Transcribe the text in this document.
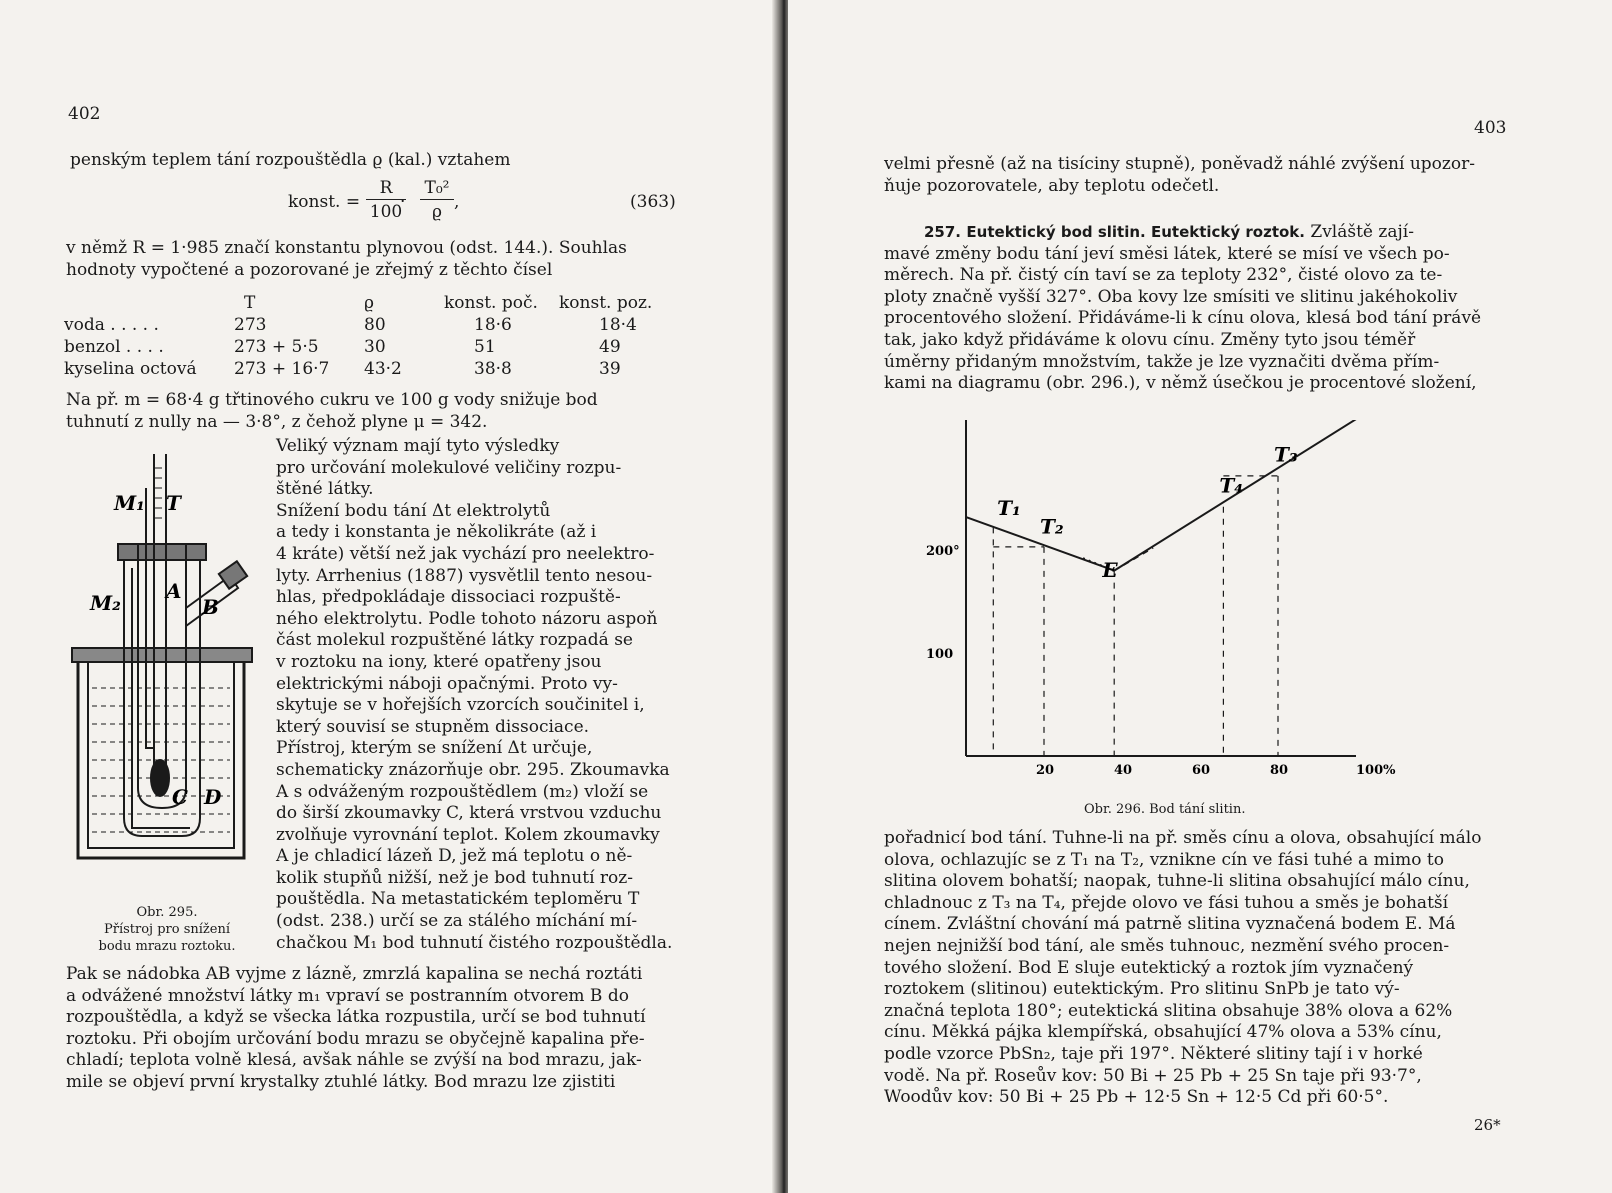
402
penským teplem tání rozpouštědla ϱ (kal.) vztahem
konst. =
R
100
·
T₀²
ϱ ,	(363)
v němž R = 1·985 značí konstantu plynovou (odst. 144.). Souhlas
hodnoty vypočtené a pozorované je zřejmý z těchto čísel
	T	ϱ	konst. poč.	konst. poz.
voda . . . . .	273	80	18·6	18·4
benzol . . . .	273 + 5·5	30	51	49
kyselina octová	273 + 16·7	43·2	38·8	39
Na př. m = 68·4 g třtinového cukru ve 100 g vody snižuje bod
tuhnutí z nully na — 3·8°, z čehož plyne μ = 342.
M₁ T
M₂ A
B
C D
Obr. 295.
Přístroj pro snížení
bodu mrazu roztoku.
Veliký význam mají tyto výsledky
pro určování molekulové veličiny rozpu-
štěné látky.
Snížení bodu tání Δt elektrolytů
a tedy i konstanta je několikráte (až i
4 kráte) větší než jak vychází pro neelektro-
lyty. Arrhenius (1887) vysvětlil tento nesou-
hlas, předpokládaje dissociaci rozpuště-
ného elektrolytu. Podle tohoto názoru aspoň
část molekul rozpuštěné látky rozpadá se
v roztoku na iony, které opatřeny jsou
elektrickými náboji opačnými. Proto vy-
skytuje se v hořejších vzorcích součinitel i,
který souvisí se stupněm dissociace.
Přístroj, kterým se snížení Δt určuje,
schematicky znázorňuje obr. 295. Zkoumavka
A s odváženým rozpouštědlem (m₂) vloží se
do širší zkoumavky C, která vrstvou vzduchu
zvolňuje vyrovnání teplot. Kolem zkoumavky
A je chladicí lázeň D, jež má teplotu o ně-
kolik stupňů nižší, než je bod tuhnutí roz-
pouštědla. Na metastatickém teploměru T
(odst. 238.) určí se za stálého míchání mí-
chačkou M₁ bod tuhnutí čistého rozpouštědla.
Pak se nádobka AB vyjme z lázně, zmrzlá kapalina se nechá roztáti
a odvážené množství látky m₁ vpraví se postranním otvorem B do
rozpouštědla, a když se všecka látka rozpustila, určí se bod tuhnutí
roztoku. Při obojím určování bodu mrazu se obyčejně kapalina pře-
chladí; teplota volně klesá, avšak náhle se zvýší na bod mrazu, jak-
mile se objeví první krystalky ztuhlé látky. Bod mrazu lze zjistiti
403
velmi přesně (až na tisíciny stupně), poněvadž náhlé zvýšení upozor-
ňuje pozorovatele, aby teplotu odečetl.
257. Eutektický bod slitin. Eutektický roztok. Zvláště zají-
mavé změny bodu tání jeví směsi látek, které se mísí ve všech po-
měrech. Na př. čistý cín taví se za teploty 232°, čisté olovo za te-
ploty značně vyšší 327°. Oba kovy lze smísiti ve slitinu jakéhokoliv
procentového složení. Přidáváme-li k cínu olova, klesá bod tání právě
tak, jako když přidáváme k olovu cínu. Změny tyto jsou téměř
úměrny přidaným množstvím, takže je lze vyznačiti dvěma přím-
kami na diagramu (obr. 296.), v němž úsečkou je procentové složení,
20	40	60	80	100%
200°
100
T₁
T₂
E
T₄
T₃
Obr. 296. Bod tání slitin.
pořadnicí bod tání. Tuhne-li na př. směs cínu a olova, obsahující málo
olova, ochlazujíc se z T₁ na T₂, vznikne cín ve fási tuhé a mimo to
slitina olovem bohatší; naopak, tuhne-li slitina obsahující málo cínu,
chladnouc z T₃ na T₄, přejde olovo ve fási tuhou a směs je bohatší
cínem. Zvláštní chování má patrně slitina vyznačená bodem E. Má
nejen nejnižší bod tání, ale směs tuhnouc, nezmění svého procen-
tového složení. Bod E sluje eutektický a roztok jím vyznačený
roztokem (slitinou) eutektickým. Pro slitinu SnPb je tato vý-
značná teplota 180°; eutektická slitina obsahuje 38% olova a 62%
cínu. Měkká pájka klempířská, obsahující 47% olova a 53% cínu,
podle vzorce PbSn₂, taje při 197°. Některé slitiny tají i v horké
vodě. Na př. Roseův kov: 50 Bi + 25 Pb + 25 Sn taje při 93·7°,
Woodův kov: 50 Bi + 25 Pb + 12·5 Sn + 12·5 Cd při 60·5°.
26*
